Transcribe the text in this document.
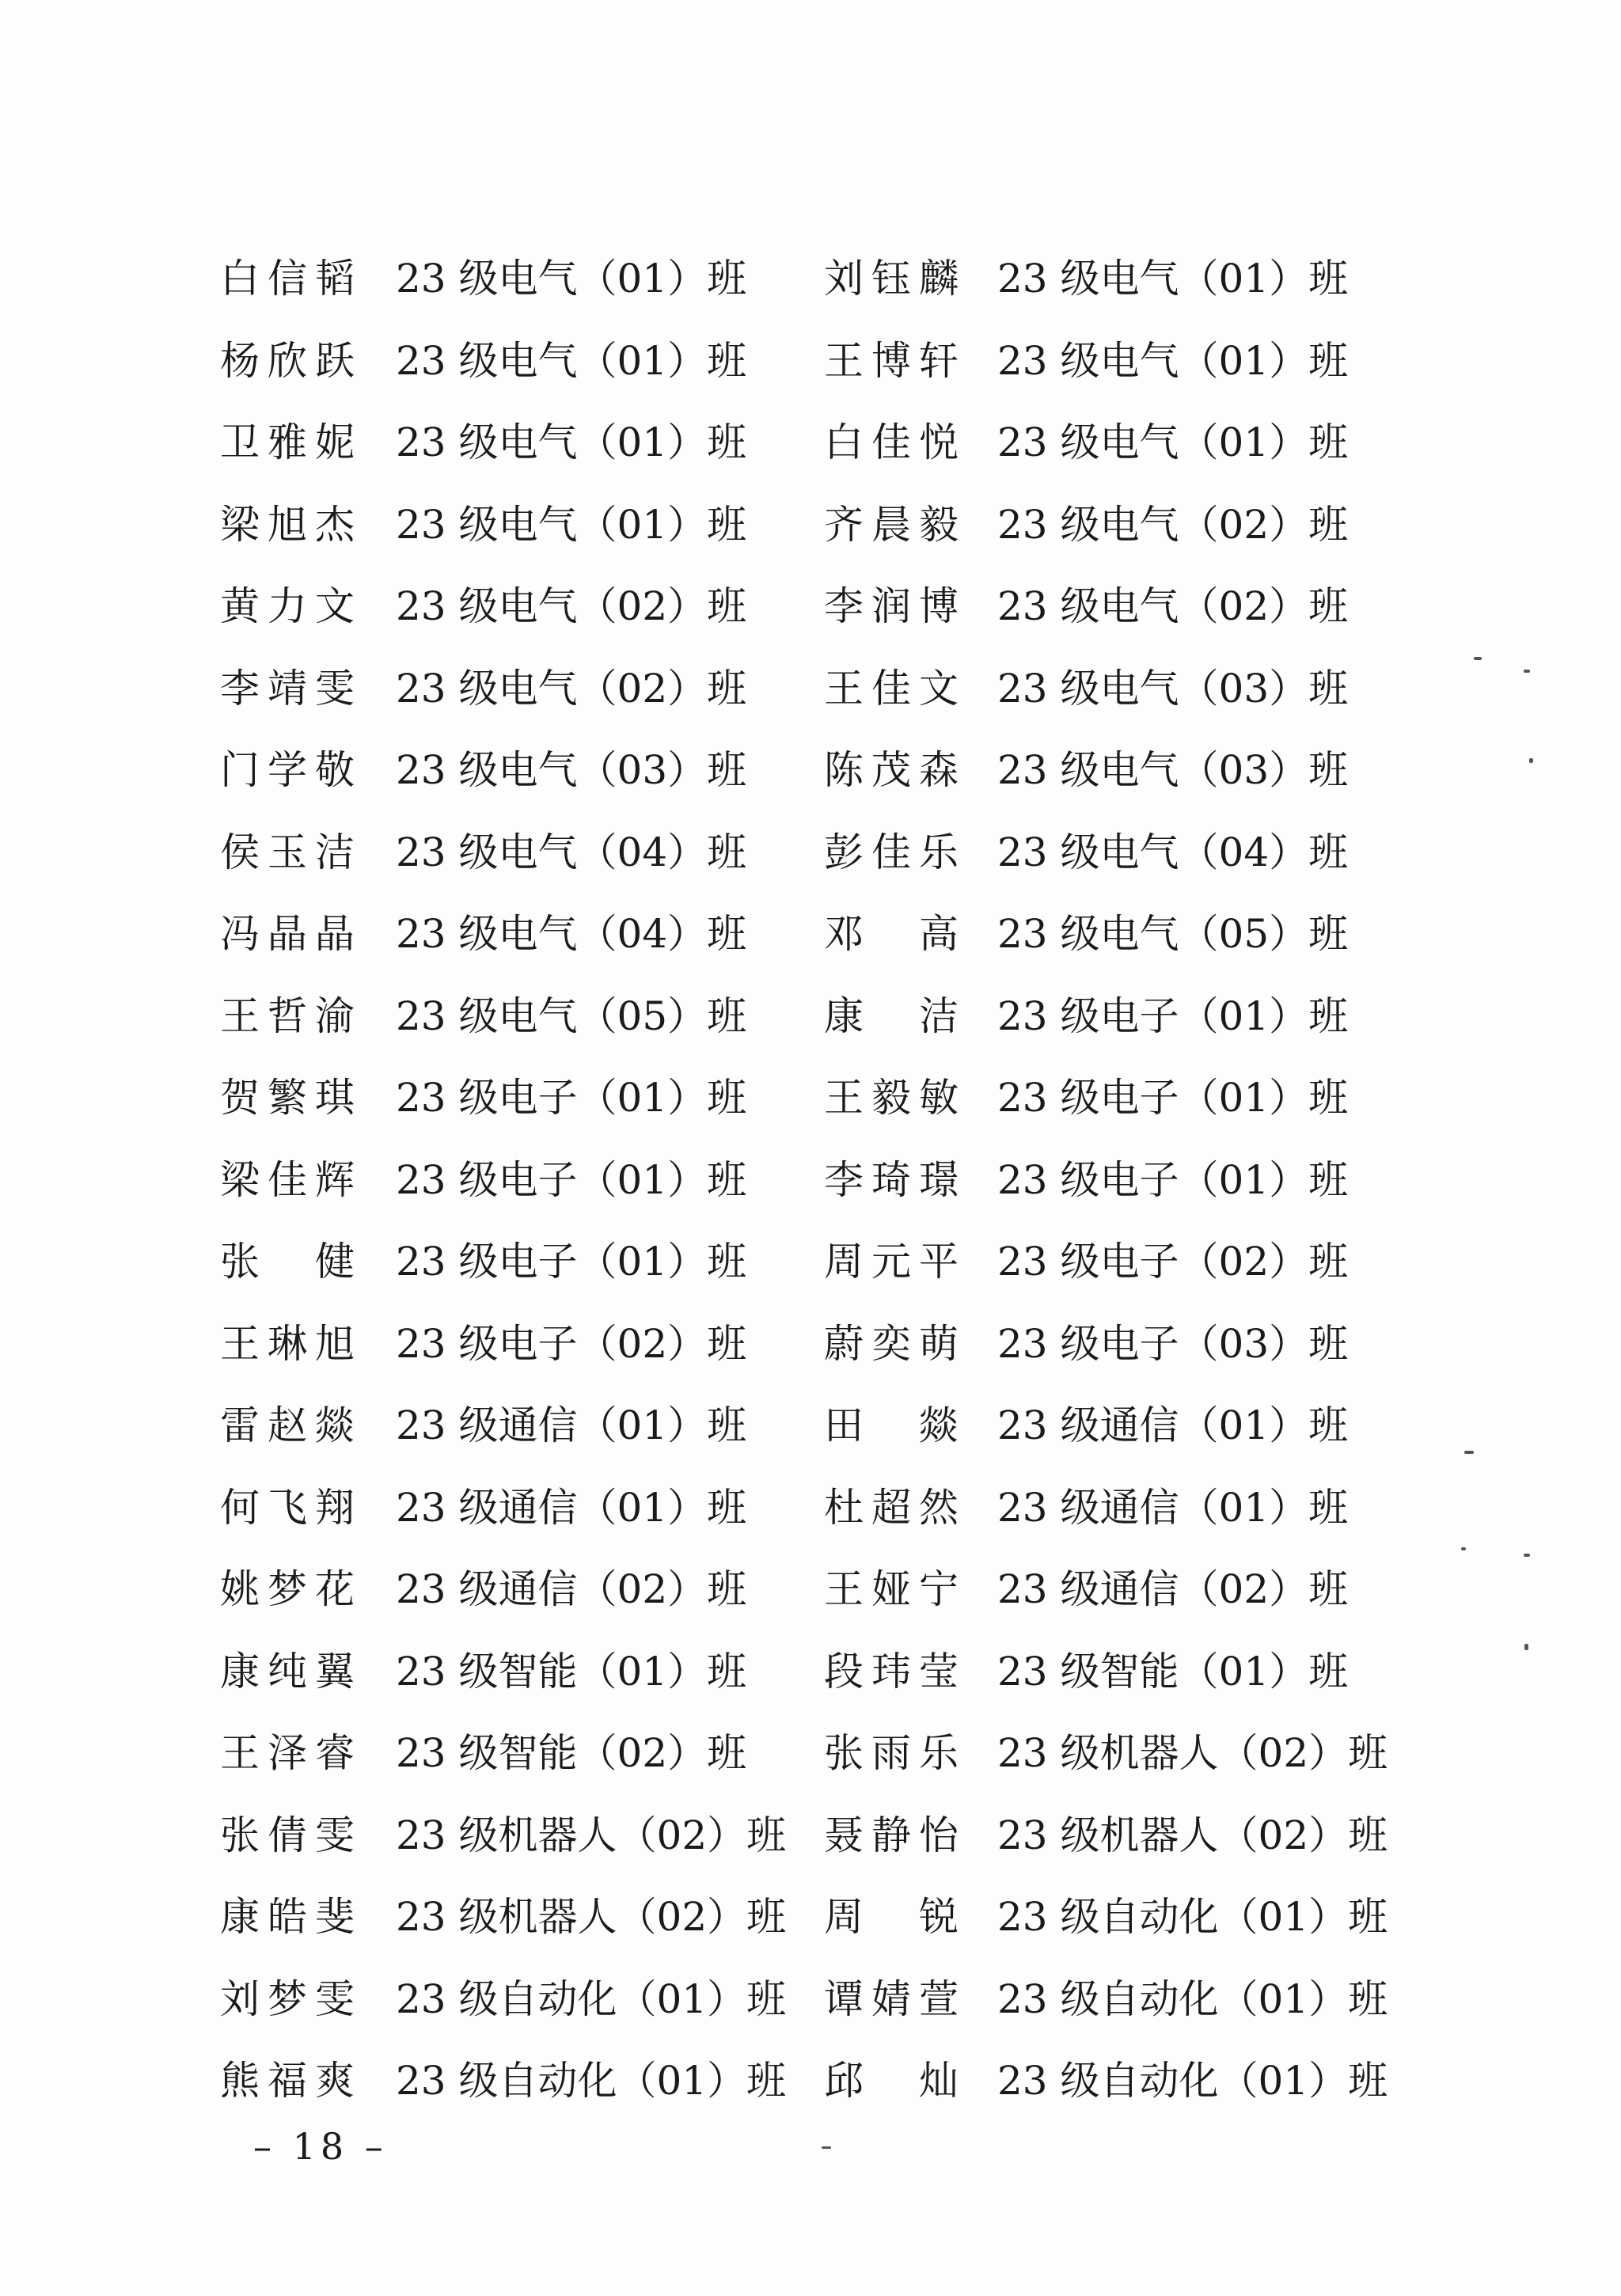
白信韬 23 级电气（01）班 刘钰麟 23 级电气（01）班
杨欣跃 23 级电气（01）班 王博轩 23 级电气（01）班
卫雅妮 23 级电气（01）班 白佳悦 23 级电气（01）班
梁旭杰 23 级电气（01）班 齐晨毅 23 级电气（02）班
黄力文 23 级电气（02）班 李润博 23 级电气（02）班
李靖雯 23 级电气（02）班 王佳文 23 级电气（03）班
门学敬 23 级电气（03）班 陈茂森 23 级电气（03）班
侯玉洁 23 级电气（04）班 彭佳乐 23 级电气（04）班
冯晶晶 23 级电气（04）班 邓　高 23 级电气（05）班
王哲渝 23 级电气（05）班 康　洁 23 级电子（01）班
贺繁琪 23 级电子（01）班 王毅敏 23 级电子（01）班
梁佳辉 23 级电子（01）班 李琦璟 23 级电子（01）班
张　健 23 级电子（01）班 周元平 23 级电子（02）班
王琳旭 23 级电子（02）班 蔚奕萌 23 级电子（03）班
雷赵燚 23 级通信（01）班 田　燚 23 级通信（01）班
何飞翔 23 级通信（01）班 杜超然 23 级通信（01）班
姚梦花 23 级通信（02）班 王娅宁 23 级通信（02）班
康纯翼 23 级智能（01）班 段玮莹 23 级智能（01）班
王泽睿 23 级智能（02）班 张雨乐 23 级机器人（02）班
张倩雯 23 级机器人（02）班 聂静怡 23 级机器人（02）班
康皓斐 23 级机器人（02）班 周　锐 23 级自动化（01）班
刘梦雯 23 级自动化（01）班 谭婧萱 23 级自动化（01）班
熊福爽 23 级自动化（01）班 邱　灿 23 级自动化（01）班
– 18 –
